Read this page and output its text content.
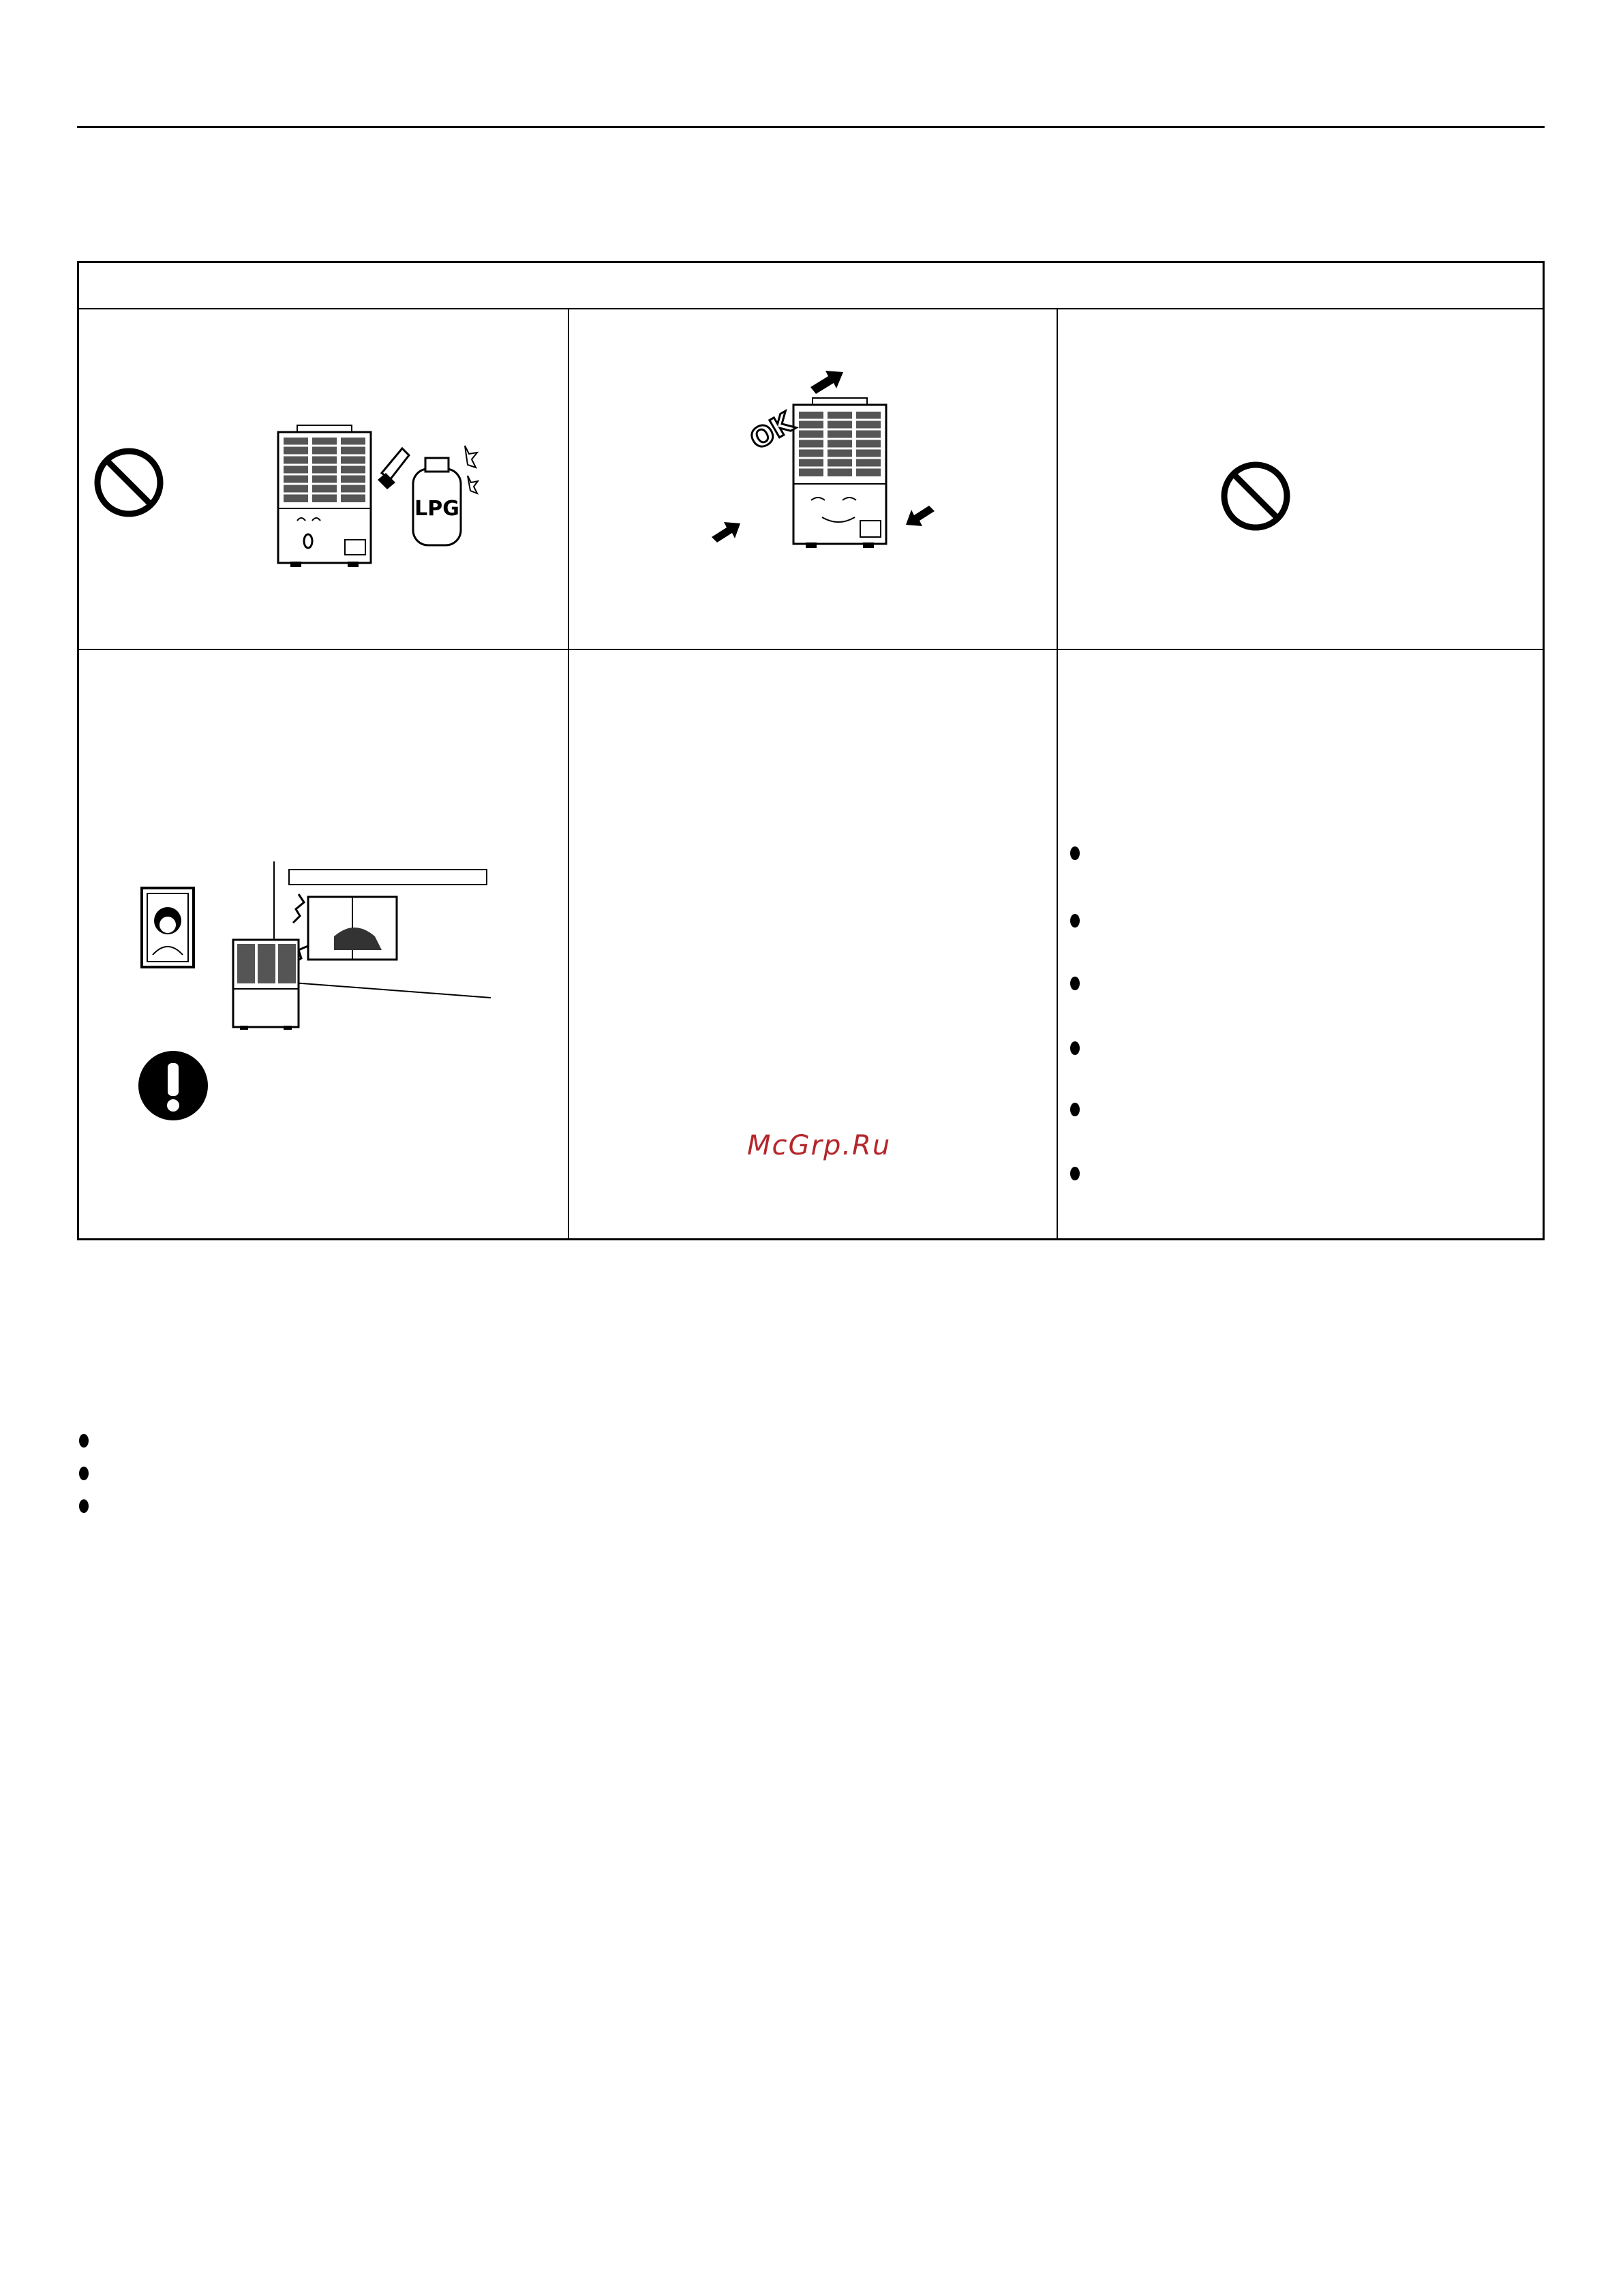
LPG
OK
McGrp.Ru
